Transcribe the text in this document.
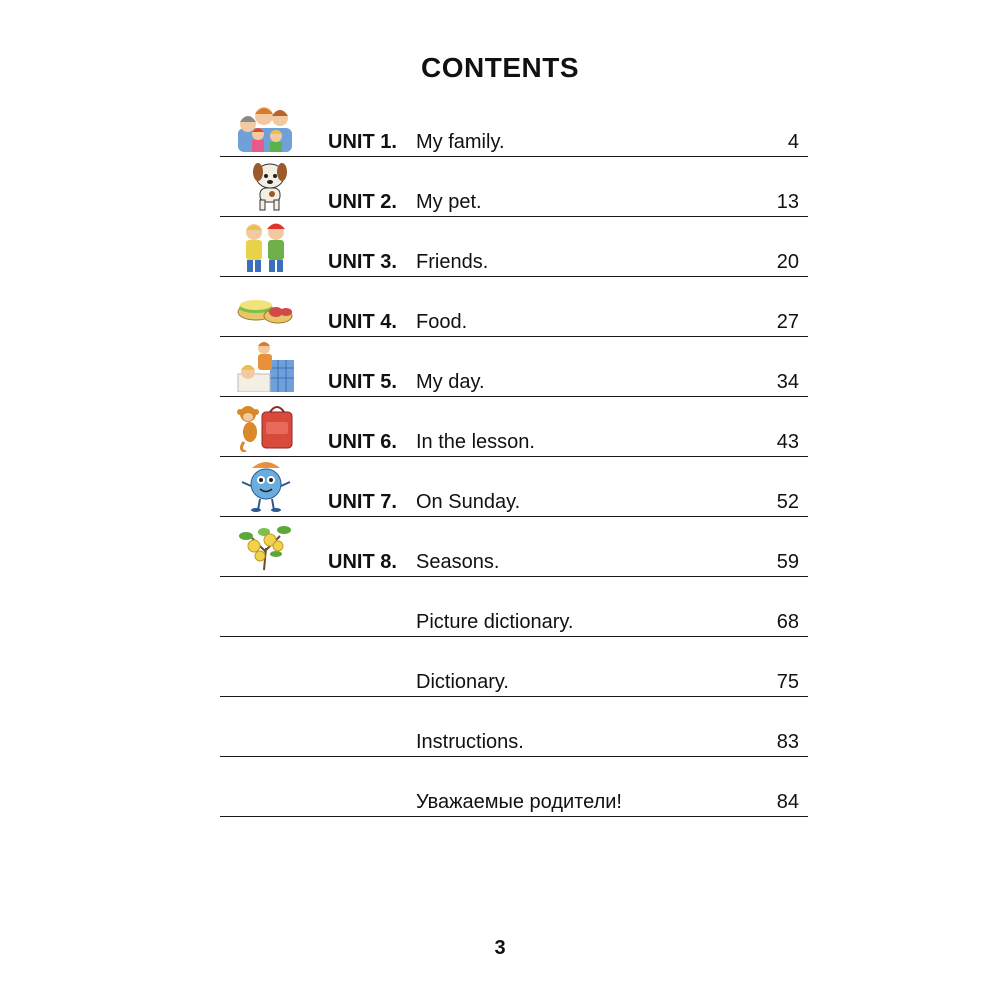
CONTENTS
UNIT 1. My family.	4
UNIT 2. My pet.	13
UNIT 3. Friends.	20
UNIT 4. Food.	27
UNIT 5. My day.	34
UNIT 6. In the lesson.	43
UNIT 7. On Sunday.	52
UNIT 8. Seasons.	59
Picture dictionary.	68
Dictionary.	75
Instructions.	83
Уважаемые родители!	84
3
